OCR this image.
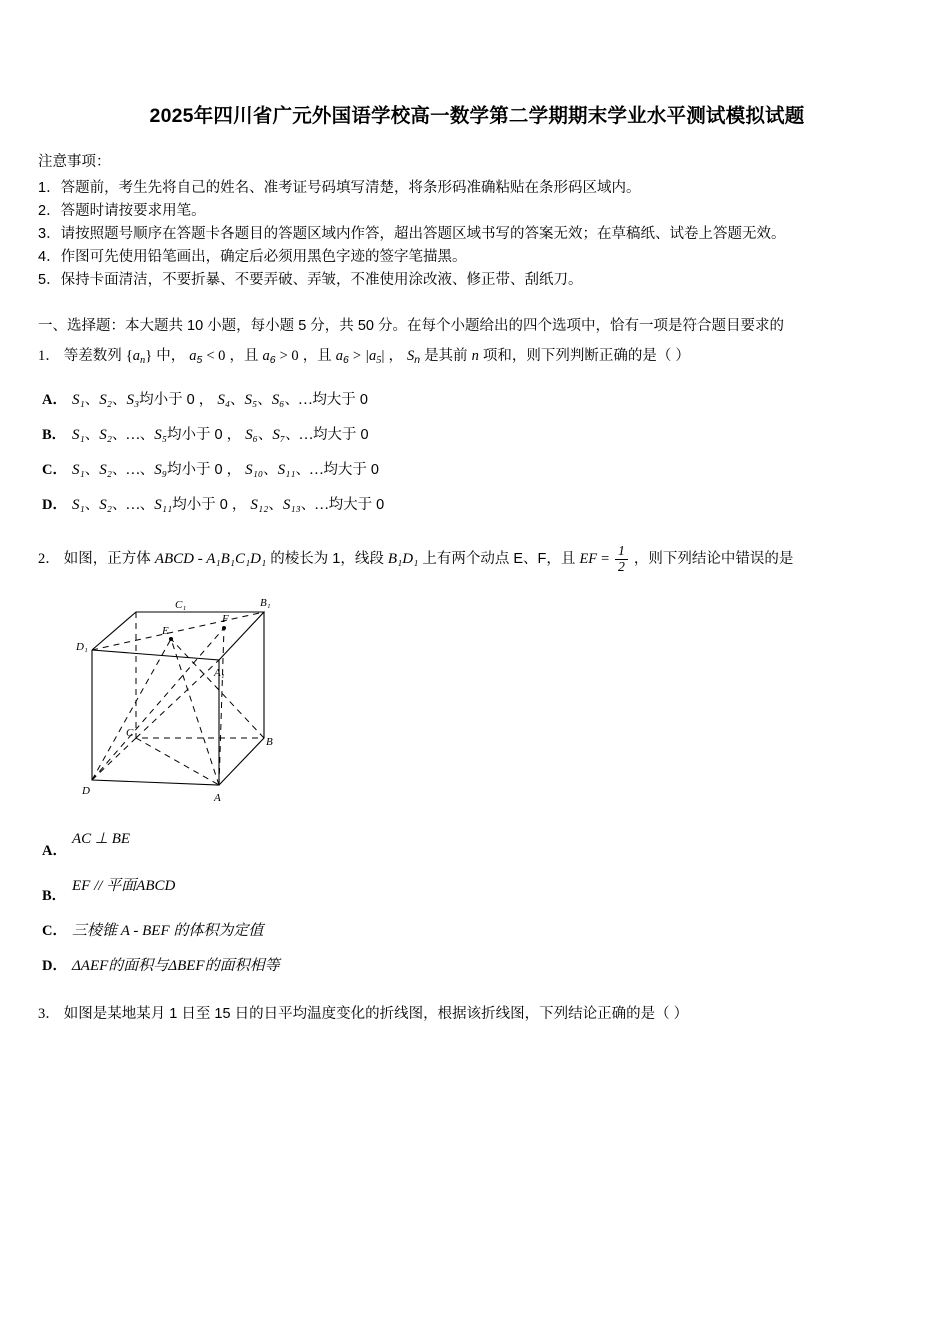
2025年四川省广元外国语学校高一数学第二学期期末学业水平测试模拟试题
注意事项：
1．答题前，考生先将自己的姓名、准考证号码填写清楚，将条形码准确粘贴在条形码区域内。
2．答题时请按要求用笔。
3．请按照题号顺序在答题卡各题目的答题区域内作答，超出答题区域书写的答案无效；在草稿纸、试卷上答题无效。
4．作图可先使用铅笔画出，确定后必须用黑色字迹的签字笔描黑。
5．保持卡面清洁，不要折暴、不要弄破、弄皱，不准使用涂改液、修正带、刮纸刀。
一、选择题：本大题共 10 小题，每小题 5 分，共 50 分。在每个小题给出的四个选项中，恰有一项是符合题目要求的
1． 等差数列 $\{a_n\}$ 中， $a_5 < 0$ ，且 $a_6 > 0$ ，且 $a_6 > |a_5|$ ， $S_n$ 是其前 n 项和，则下列判断正确的是（ ）
A． S₁、S₂、S₃均小于 0 ， S₄、S₅、S₆、…均大于 0
B． S₁、S₂、…、S₅均小于 0 ， S₆、S₇、…均大于 0
C． S₁、S₂、…、S₉均小于 0 ， S₁₀、S₁₁、…均大于 0
D． S₁、S₂、…、S₁₁均小于 0 ， S₁₂、S₁₃、…均大于 0
2． 如图，正方体 ABCD - A₁B₁C₁D₁ 的棱长为 1，线段 B₁D₁ 上有两个动点 E、F，且 EF = $\frac{1}{2}$ ，则下列结论中错误的是
C₁	B₁
D₁
E
F
A₁
C
B
D
A
A．
AC ⊥ BE
B．
EF // 平面ABCD
C． 三棱锥 A - BEF 的体积为定值
D． ΔAEF的面积与ΔBEF的面积相等
3． 如图是某地某月 1 日至 15 日的日平均温度变化的折线图，根据该折线图，下列结论正确的是（ ）
